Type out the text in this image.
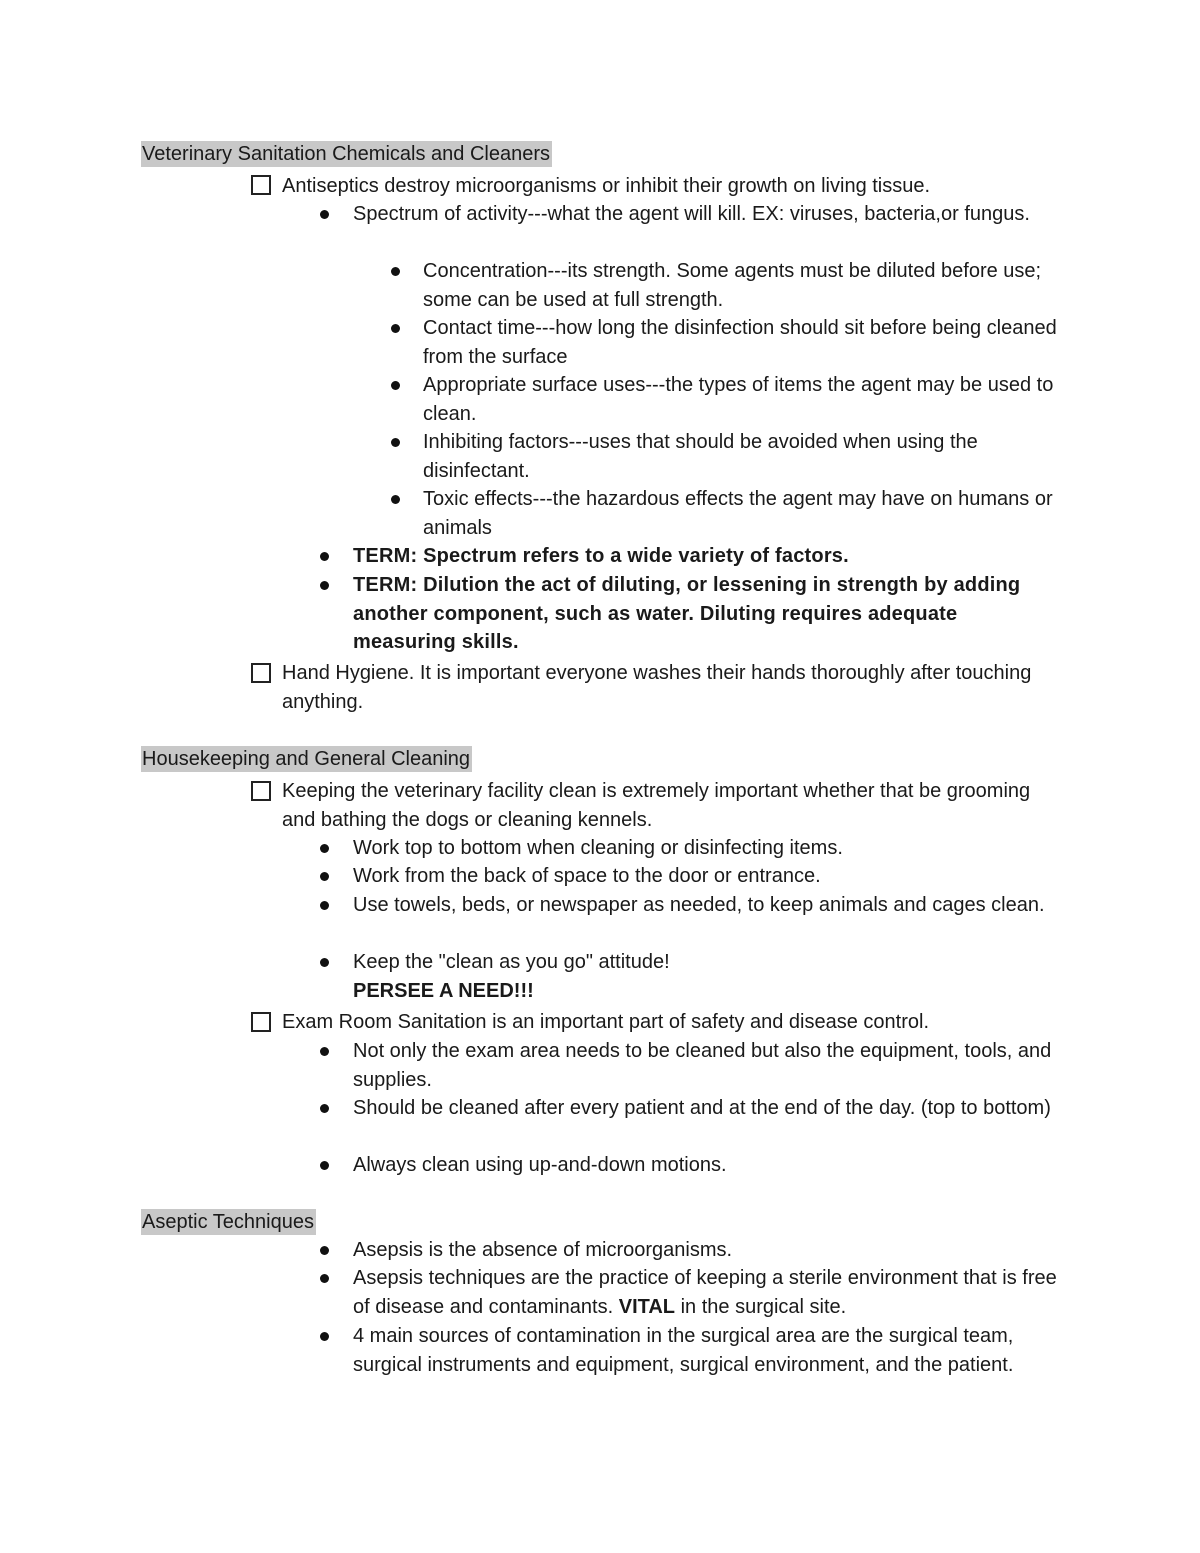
Veterinary Sanitation Chemicals and Cleaners

Antiseptics destroy microorganisms or inhibit their growth on living tissue.

Spectrum of activity---what the agent will kill. EX: viruses, bacteria,or fungus.

Concentration---its strength. Some agents must be diluted before use; some can be used at full strength.

Contact time---how long the disinfection should sit before being cleaned from the surface

Appropriate surface uses---the types of items the agent may be used to clean.

Inhibiting factors---uses that should be avoided when using the disinfectant.

Toxic effects---the hazardous effects the agent may have on humans or animals

TERM: Spectrum refers to a wide variety of factors.

TERM: Dilution the act of diluting, or lessening in strength by adding another component, such as water. Diluting requires adequate measuring skills.

Hand Hygiene. It is important everyone washes their hands thoroughly after touching anything.

Housekeeping and General Cleaning

Keeping the veterinary facility clean is extremely important whether that be grooming and bathing the dogs or cleaning kennels.

Work top to bottom when cleaning or disinfecting items.

Work from the back of space to the door or entrance.

Use towels, beds, or newspaper as needed, to keep animals and cages clean.

Keep the "clean as you go" attitude!

PERSEE A NEED!!!

Exam Room Sanitation is an important part of safety and disease control.

Not only the exam area needs to be cleaned but also the equipment, tools, and supplies.

Should be cleaned after every patient and at the end of the day. (top to bottom)

Always clean using up-and-down motions.

Aseptic Techniques

Asepsis is the absence of microorganisms.

Asepsis techniques are the practice of keeping a sterile environment that is free of disease and contaminants. VITAL in the surgical site.

4 main sources of contamination in the surgical area are the surgical team, surgical instruments and equipment, surgical environment, and the patient.
